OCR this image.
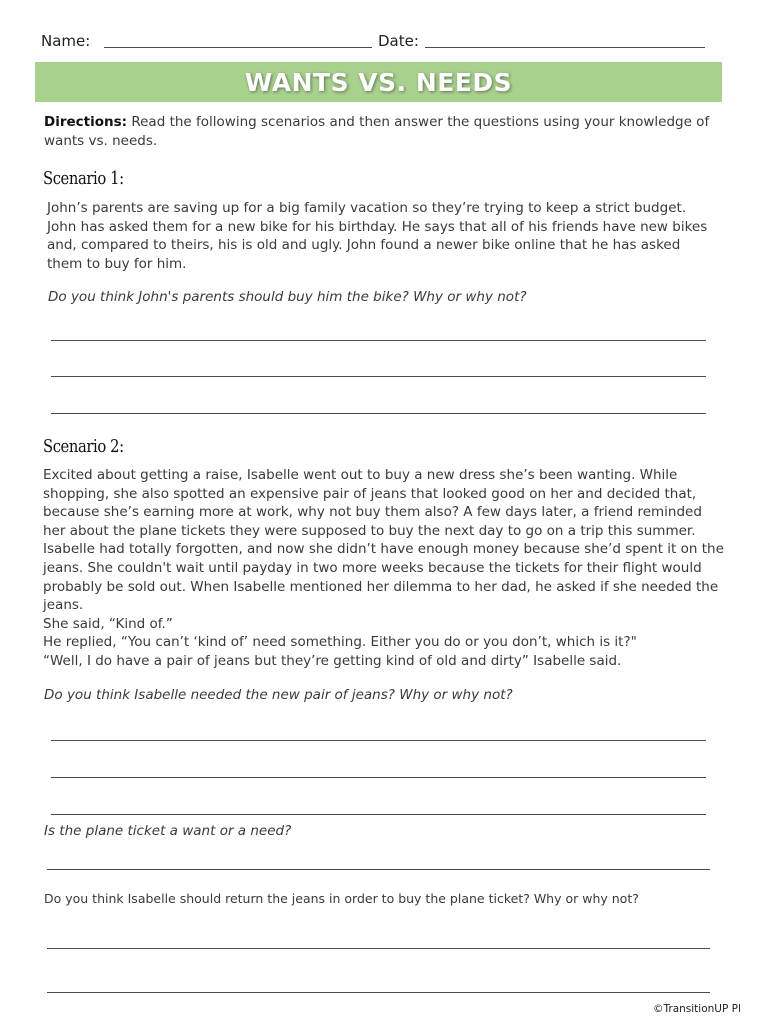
Name:	Date:
WANTS VS. NEEDS
Directions: Read the following scenarios and then answer the questions using your knowledge of wants vs. needs.
Scenario 1:
John’s parents are saving up for a big family vacation so they’re trying to keep a strict budget. John has asked them for a new bike for his birthday. He says that all of his friends have new bikes and, compared to theirs, his is old and ugly. John found a newer bike online that he has asked them to buy for him.
Do you think John's parents should buy him the bike? Why or why not?
Scenario 2:

Excited about getting a raise, Isabelle went out to buy a new dress she’s been wanting. While shopping, she also spotted an expensive pair of jeans that looked good on her and decided that, because she’s earning more at work, why not buy them also? A few days later, a friend reminded her about the plane tickets they were supposed to buy the next day to go on a trip this summer. Isabelle had totally forgotten, and now she didn’t have enough money because she’d spent it on the jeans. She couldn't wait until payday in two more weeks because the tickets for their flight would probably be sold out. When Isabelle mentioned her dilemma to her dad, he asked if she needed the jeans.

She said, “Kind of.”

He replied, “You can’t ‘kind of’ need something. Either you do or you don’t, which is it?"

“Well, I do have a pair of jeans but they’re getting kind of old and dirty” Isabelle said.

Do you think Isabelle needed the new pair of jeans? Why or why not?
Is the plane ticket a want or a need?
Do you think Isabelle should return the jeans in order to buy the plane ticket? Why or why not?
©TransitionUP Pl
